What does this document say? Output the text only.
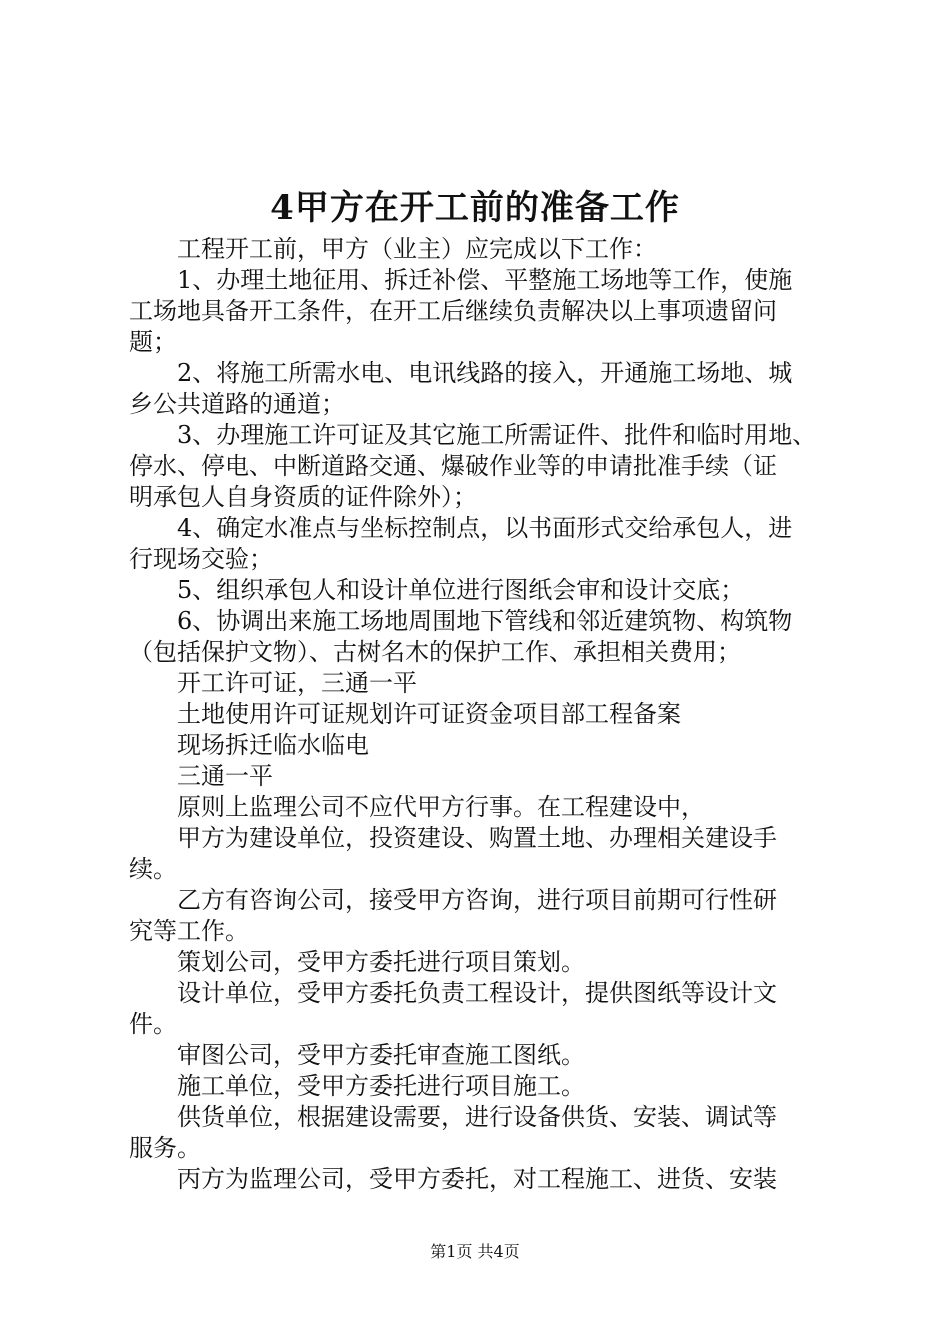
4甲方在开工前的准备工作
工程开工前，甲方（业主）应完成以下工作：
1、办理土地征用、拆迁补偿、平整施工场地等工作，使施
工场地具备开工条件，在开工后继续负责解决以上事项遗留问
题；
2、将施工所需水电、电讯线路的接入，开通施工场地、城
乡公共道路的通道；
3、办理施工许可证及其它施工所需证件、批件和临时用地、
停水、停电、中断道路交通、爆破作业等的申请批准手续（证
明承包人自身资质的证件除外）；
4、确定水准点与坐标控制点，以书面形式交给承包人，进
行现场交验；
5、组织承包人和设计单位进行图纸会审和设计交底；
6、协调出来施工场地周围地下管线和邻近建筑物、构筑物
（包括保护文物）、古树名木的保护工作、承担相关费用；
开工许可证，三通一平
土地使用许可证规划许可证资金项目部工程备案
现场拆迁临水临电
三通一平
原则上监理公司不应代甲方行事。在工程建设中，
甲方为建设单位，投资建设、购置土地、办理相关建设手
续。
乙方有咨询公司，接受甲方咨询，进行项目前期可行性研
究等工作。
策划公司，受甲方委托进行项目策划。
设计单位，受甲方委托负责工程设计，提供图纸等设计文
件。
审图公司，受甲方委托审查施工图纸。
施工单位，受甲方委托进行项目施工。
供货单位，根据建设需要，进行设备供货、安装、调试等
服务。
丙方为监理公司，受甲方委托，对工程施工、进货、安装
第1页 共4页
